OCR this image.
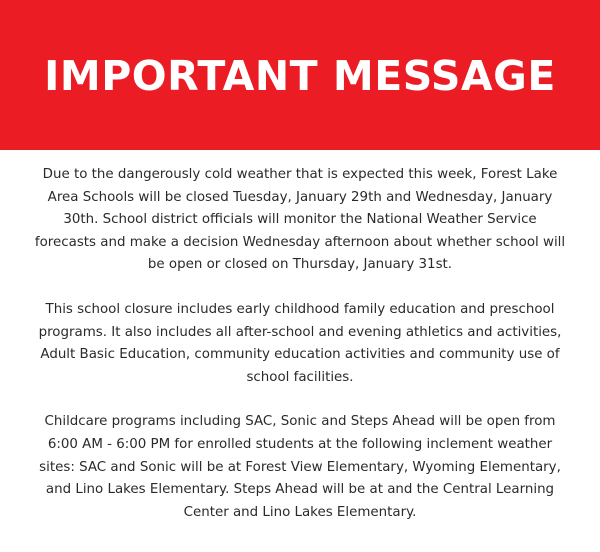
IMPORTANT MESSAGE

Due to the dangerously cold weather that is expected this week, Forest Lake Area Schools will be closed Tuesday, January 29th and Wednesday, January 30th. School district officials will monitor the National Weather Service forecasts and make a decision Wednesday afternoon about whether school will be open or closed on Thursday, January 31st.

This school closure includes early childhood family education and preschool programs. It also includes all after-school and evening athletics and activities, Adult Basic Education, community education activities and community use of school facilities.

Childcare programs including SAC, Sonic and Steps Ahead will be open from 6:00 AM - 6:00 PM for enrolled students at the following inclement weather sites: SAC and Sonic will be at Forest View Elementary, Wyoming Elementary, and Lino Lakes Elementary. Steps Ahead will be at and the Central Learning Center and Lino Lakes Elementary.
